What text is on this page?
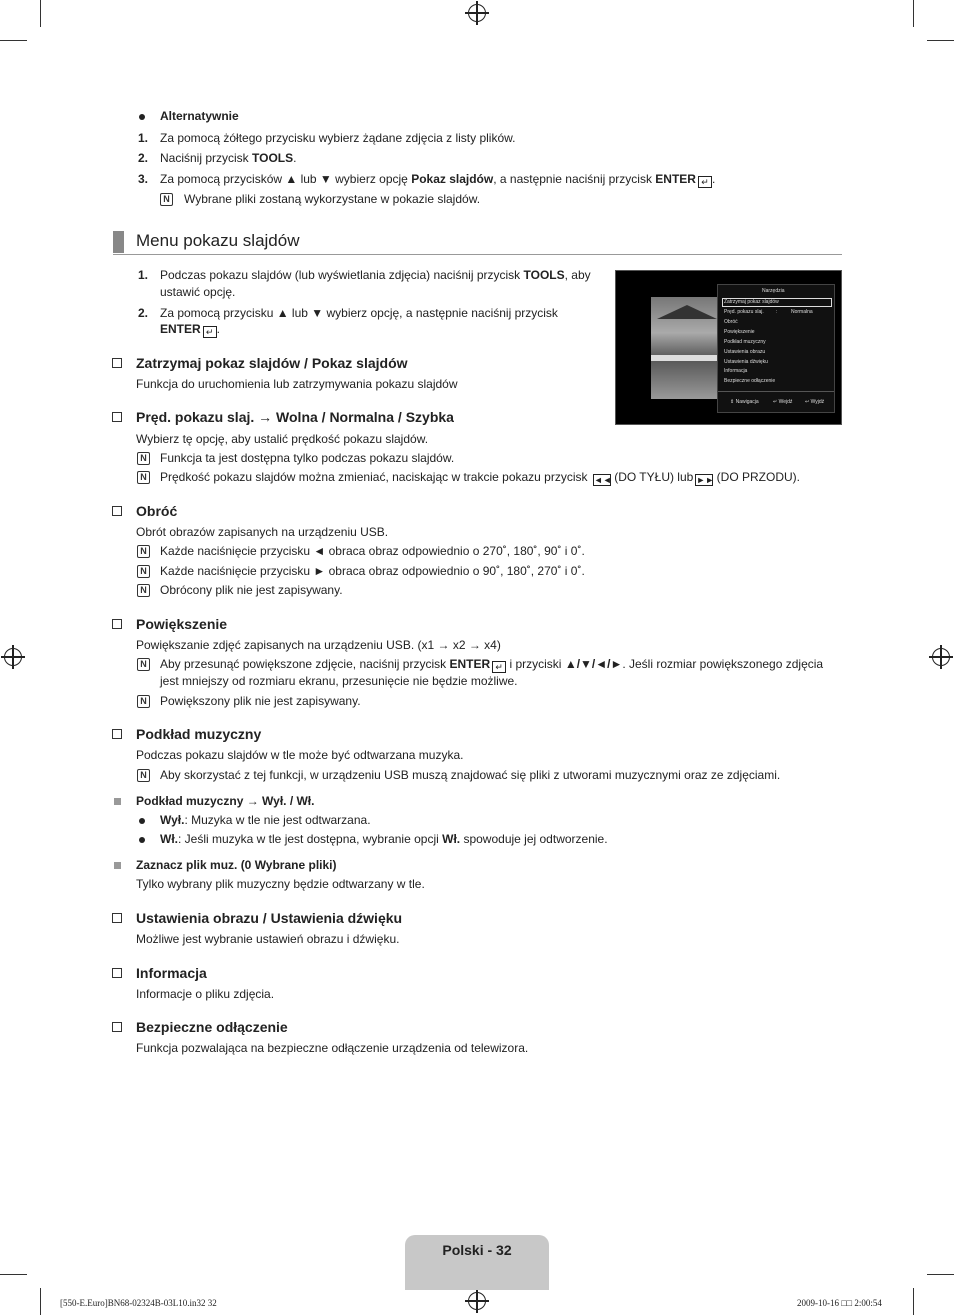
Alternatywnie
1. Za pomocą żółtego przycisku wybierz żądane zdjęcia z listy plików.
2. Naciśnij przycisk TOOLS.
3. Za pomocą przycisków ▲ lub ▼ wybierz opcję Pokaz slajdów, a następnie naciśnij przycisk ENTER ↵ .
N Wybrane pliki zostaną wykorzystane w pokazie slajdów.
Menu pokazu slajdów
1. Podczas pokazu slajdów (lub wyświetlania zdjęcia) naciśnij przycisk TOOLS, aby
ustawić opcję.
2. Za pomocą przycisku ▲ lub ▼ wybierz opcję, a następnie naciśnij przycisk
ENTER ↵ .
Narzędzia
Zatrzymaj pokaz slajdów
Pręd. pokazu slaj. :	Normalna
Obróć
Powiększenie
Podkład muzyczny
Ustawienia obrazu
Ustawienia dźwięku
Informacja
Bezpieczne odłączenie
⇕ Nawigacja	↵ Wejdź	↩ Wyjdź
Zatrzymaj pokaz slajdów / Pokaz slajdów
Funkcja do uruchomienia lub zatrzymywania pokazu slajdów
Pręd. pokazu slaj. → Wolna / Normalna / Szybka
Wybierz tę opcję, aby ustalić prędkość pokazu slajdów.
N Funkcja ta jest dostępna tylko podczas pokazu slajdów.
N Prędkość pokazu slajdów można zmieniać, naciskając w trakcie pokazu przycisk ◄◄ (DO TYŁU) lub ►► (DO PRZODU).
Obróć
Obrót obrazów zapisanych na urządzeniu USB.
N Każde naciśnięcie przycisku ◄ obraca obraz odpowiednio o 270˚, 180˚, 90˚ i 0˚.
N Każde naciśnięcie przycisku ► obraca obraz odpowiednio o 90˚, 180˚, 270˚ i 0˚.
N Obrócony plik nie jest zapisywany.
Powiększenie
Powiększanie zdjęć zapisanych na urządzeniu USB. (x1 → x2 → x4)
N Aby przesunąć powiększone zdjęcie, naciśnij przycisk ENTER ↵ i przyciski ▲/▼/◄/►. Jeśli rozmiar powiększonego zdjęcia
jest mniejszy od rozmiaru ekranu, przesunięcie nie będzie możliwe.
N Powiększony plik nie jest zapisywany.
Podkład muzyczny
Podczas pokazu slajdów w tle może być odtwarzana muzyka.
N Aby skorzystać z tej funkcji, w urządzeniu USB muszą znajdować się pliki z utworami muzycznymi oraz ze zdjęciami.
Podkład muzyczny → Wył. / Wł.
Wył.: Muzyka w tle nie jest odtwarzana.
Wł.: Jeśli muzyka w tle jest dostępna, wybranie opcji Wł. spowoduje jej odtworzenie.
Zaznacz plik muz. (0 Wybrane pliki)
Tylko wybrany plik muzyczny będzie odtwarzany w tle.
Ustawienia obrazu / Ustawienia dźwięku
Możliwe jest wybranie ustawień obrazu i dźwięku.
Informacja
Informacje o pliku zdjęcia.
Bezpieczne odłączenie
Funkcja pozwalająca na bezpieczne odłączenie urządzenia od telewizora.
Polski - 32
[550-E.Euro]BN68-02324B-03L10.in32 32	2009-10-16 □□ 2:00:54
